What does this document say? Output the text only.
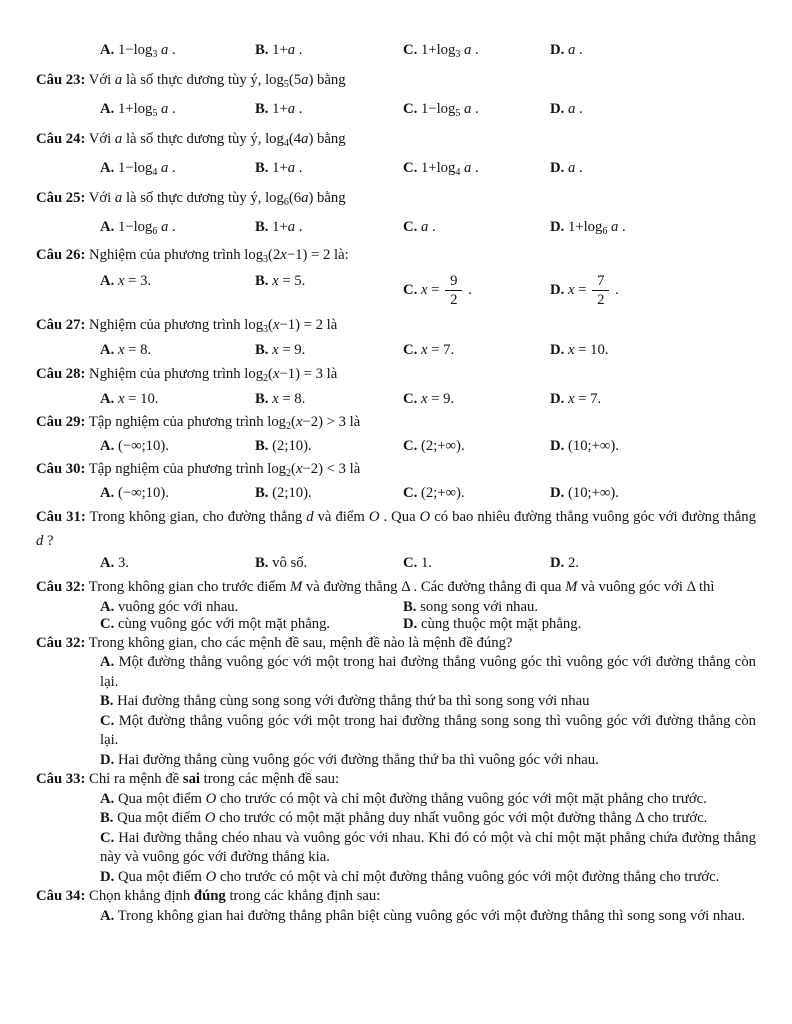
A. $1-\log_3$ a .	B. 1+a .	C. $1+\log_3$ a .	D. a .

Câu 23: Với a là số thực dương tùy ý, $\log_5(5a)$ bằng

A. $1+\log_5$ a .	B. 1+a .	C. $1-\log_5$ a .	D. a .

Câu 24: Với a là số thực dương tùy ý, $\log_4(4a)$ bằng

A. $1-\log_4$ a .	B. 1+a .	C. $1+\log_4$ a .	D. a .

Câu 25: Với a là số thực dương tùy ý, $\log_6(6a)$ bằng

A. $1-\log_6$ a .	B. 1+a .	C. a .	D. $1+\log_6$ a .

Câu 26: Nghiệm của phương trình $\log_3(2x-1) = 2$ là:

A. x = 3.	B. x = 5.
C. $x = \frac{9}{2}$ .	D. $x = \frac{7}{2}$ .

Câu 27: Nghiệm của phương trình $\log_3(x-1) = 2$ là

A. x = 8.	B. x = 9.	C. x = 7.	D. x = 10.

Câu 28: Nghiệm của phương trình $\log_2(x-1) = 3$ là

A. x = 10.	B. x = 8.	C. x = 9.	D. x = 7.

Câu 29: Tập nghiệm của phương trình $\log_2(x-2) > 3$ là

A. (−∞;10).	B. (2;10).	C. (2;+∞).	D. (10;+∞).

Câu 30: Tập nghiệm của phương trình $\log_2(x-2) < 3$ là

A. (−∞;10).	B. (2;10).	C. (2;+∞).	D. (10;+∞).

Câu 31: Trong không gian, cho đường thẳng d và điểm O . Qua O có bao nhiêu đường thẳng vuông góc với đường thẳng d ?

A. 3.	B. vô số.	C. 1.	D. 2.

Câu 32: Trong không gian cho trước điểm M và đường thẳng Δ . Các đường thẳng đi qua M và vuông góc với Δ thì

A. vuông góc với nhau.	B. song song với nhau.
C. cùng vuông góc với một mặt phẳng.	D. cùng thuộc một mặt phẳng.

Câu 32: Trong không gian, cho các mệnh đề sau, mệnh đề nào là mệnh đề đúng?

A. Một đường thẳng vuông góc với một trong hai đường thẳng vuông góc thì vuông góc với đường thẳng còn lại.

B. Hai đường thẳng cùng song song với đường thẳng thứ ba thì song song với nhau

C. Một đường thẳng vuông góc với một trong hai đường thẳng song song thì vuông góc với đường thẳng còn lại.

D. Hai đường thẳng cùng vuông góc với đường thẳng thứ ba thì vuông góc với nhau.

Câu 33: Chỉ ra mệnh đề sai trong các mệnh đề sau:

A. Qua một điểm O cho trước có một và chỉ một đường thẳng vuông góc với một mặt phẳng cho trước.

B. Qua một điểm O cho trước có một mặt phẳng duy nhất vuông góc với một đường thẳng Δ cho trước.

C. Hai đường thẳng chéo nhau và vuông góc với nhau. Khi đó có một và chỉ một mặt phẳng chứa đường thẳng này và vuông góc với đường thẳng kia.

D. Qua một điểm O cho trước có một và chỉ một đường thẳng vuông góc với một đường thẳng cho trước.

Câu 34: Chọn khẳng định đúng trong các khẳng định sau:

A. Trong không gian hai đường thẳng phân biệt cùng vuông góc với một đường thẳng thì song song với nhau.
